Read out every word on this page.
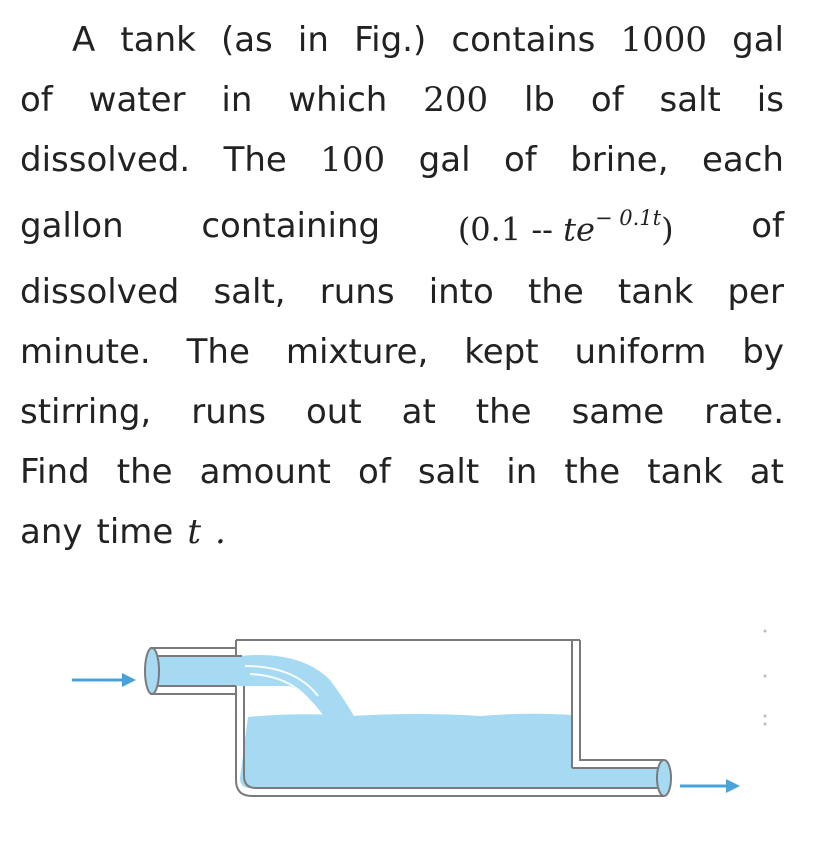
A tank (as in Fig.) contains 1000 gal
of water in which 200 lb of salt is
dissolved. The 100 gal of brine, each
gallon containing $(0.1 -- te^{- 0.1t})$ of
dissolved salt, runs into the tank per
minute. The mixture, kept uniform by
stirring, runs out at the same rate.
Find the amount of salt in the tank at
any time t .
